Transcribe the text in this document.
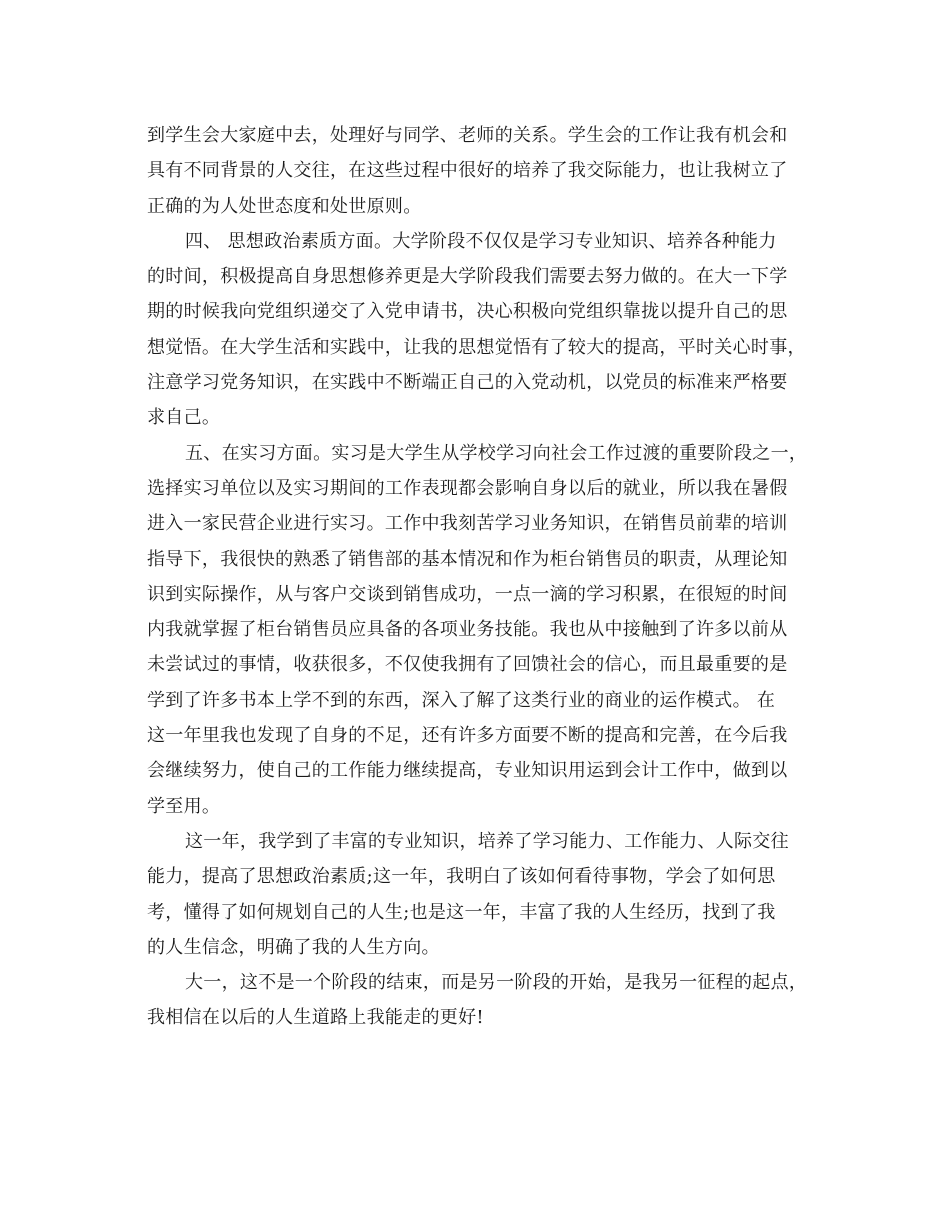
到学生会大家庭中去，处理好与同学、老师的关系。学生会的工作让我有机会和
具有不同背景的人交往，在这些过程中很好的培养了我交际能力，也让我树立了
正确的为人处世态度和处世原则。

四、 思想政治素质方面。大学阶段不仅仅是学习专业知识、培养各种能力
的时间，积极提高自身思想修养更是大学阶段我们需要去努力做的。在大一下学
期的时候我向党组织递交了入党申请书，决心积极向党组织靠拢以提升自己的思
想觉悟。在大学生活和实践中，让我的思想觉悟有了较大的提高，平时关心时事，
注意学习党务知识，在实践中不断端正自己的入党动机，以党员的标准来严格要
求自己。

五、在实习方面。实习是大学生从学校学习向社会工作过渡的重要阶段之一，
选择实习单位以及实习期间的工作表现都会影响自身以后的就业，所以我在暑假
进入一家民营企业进行实习。工作中我刻苦学习业务知识，在销售员前辈的培训
指导下，我很快的熟悉了销售部的基本情况和作为柜台销售员的职责，从理论知
识到实际操作，从与客户交谈到销售成功，一点一滴的学习积累，在很短的时间
内我就掌握了柜台销售员应具备的各项业务技能。我也从中接触到了许多以前从
未尝试过的事情，收获很多，不仅使我拥有了回馈社会的信心，而且最重要的是
学到了许多书本上学不到的东西，深入了解了这类行业的商业的运作模式。 在
这一年里我也发现了自身的不足，还有许多方面要不断的提高和完善，在今后我
会继续努力，使自己的工作能力继续提高，专业知识用运到会计工作中，做到以
学至用。

这一年，我学到了丰富的专业知识，培养了学习能力、工作能力、人际交往
能力，提高了思想政治素质;这一年，我明白了该如何看待事物，学会了如何思
考，懂得了如何规划自己的人生;也是这一年，丰富了我的人生经历，找到了我
的人生信念，明确了我的人生方向。

大一，这不是一个阶段的结束，而是另一阶段的开始，是我另一征程的起点，
我相信在以后的人生道路上我能走的更好!
